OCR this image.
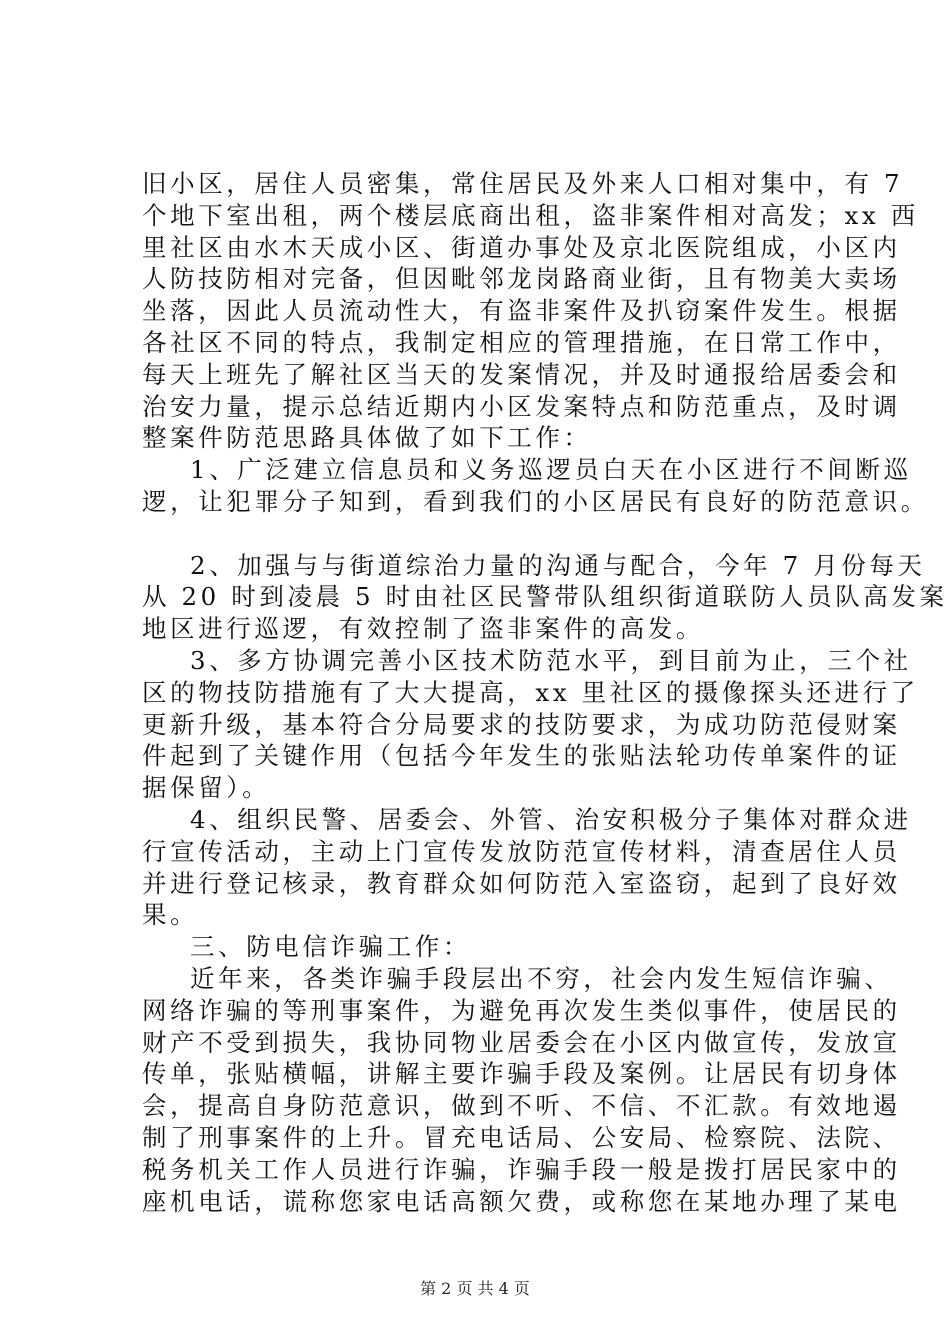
旧小区，居住人员密集，常住居民及外来人口相对集中，有 7
个地下室出租，两个楼层底商出租，盗非案件相对高发；xx 西
里社区由水木天成小区、街道办事处及京北医院组成，小区内
人防技防相对完备，但因毗邻龙岗路商业街，且有物美大卖场
坐落，因此人员流动性大，有盗非案件及扒窃案件发生。根据
各社区不同的特点，我制定相应的管理措施，在日常工作中，
每天上班先了解社区当天的发案情况，并及时通报给居委会和
治安力量，提示总结近期内小区发案特点和防范重点，及时调
整案件防范思路具体做了如下工作：
1、广泛建立信息员和义务巡逻员白天在小区进行不间断巡
逻，让犯罪分子知到，看到我们的小区居民有良好的防范意识。
2、加强与与街道综治力量的沟通与配合，今年 7 月份每天
从 20 时到凌晨 5 时由社区民警带队组织街道联防人员队高发案
地区进行巡逻，有效控制了盗非案件的高发。
3、多方协调完善小区技术防范水平，到目前为止，三个社
区的物技防措施有了大大提高，xx 里社区的摄像探头还进行了
更新升级，基本符合分局要求的技防要求，为成功防范侵财案
件起到了关键作用（包括今年发生的张贴法轮功传单案件的证
据保留）。
4、组织民警、居委会、外管、治安积极分子集体对群众进
行宣传活动，主动上门宣传发放防范宣传材料，清查居住人员
并进行登记核录，教育群众如何防范入室盗窃，起到了良好效
果。
三、防电信诈骗工作：
近年来，各类诈骗手段层出不穷，社会内发生短信诈骗、
网络诈骗的等刑事案件，为避免再次发生类似事件，使居民的
财产不受到损失，我协同物业居委会在小区内做宣传，发放宣
传单，张贴横幅，讲解主要诈骗手段及案例。让居民有切身体
会，提高自身防范意识，做到不听、不信、不汇款。有效地遏
制了刑事案件的上升。冒充电话局、公安局、检察院、法院、
税务机关工作人员进行诈骗，诈骗手段一般是拨打居民家中的
座机电话，谎称您家电话高额欠费，或称您在某地办理了某电
第 2 页 共 4 页
